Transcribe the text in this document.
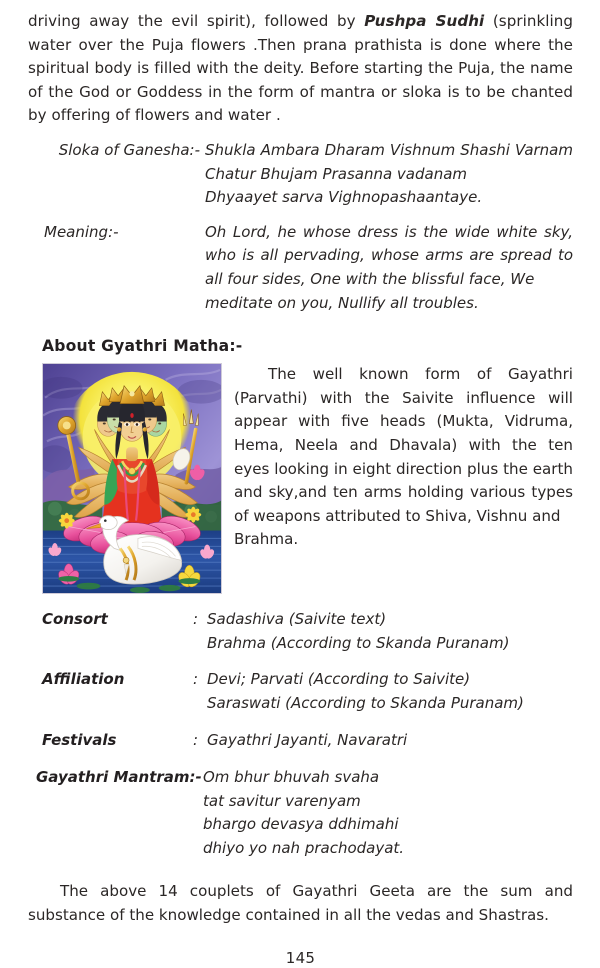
driving away the evil spirit), followed by Pushpa Sudhi (sprinkling water over the Puja flowers .Then prana prathista is done where the spiritual body is filled with the deity. Before starting the Puja, the name of the God or Goddess in the form of mantra or sloka is to be chanted by offering of flowers and water .

Sloka of Ganesha:- Shukla Ambara Dharam Vishnum Shashi Varnam Chatur Bhujam Prasanna vadanam
Dhyaayet sarva Vighnopashaantaye.
Meaning:-	Oh Lord, he whose dress is the wide white sky, who is all pervading, whose arms are spread to all four sides, One with the blissful face, We
meditate on you, Nullify all troubles.
About Gyathri Matha:-
The well known form of Gayathri (Parvathi) with the Saivite influence will appear with five heads (Mukta, Vidruma, Hema, Neela and Dhavala) with the ten eyes looking in eight direction plus the earth and sky,and ten arms holding various types of weapons attributed to Shiva, Vishnu and
Brahma.
Consort	: Sadashiva (Saivite text)
Brahma (According to Skanda Puranam)
Affiliation	: Devi; Parvati (According to Saivite)
Saraswati (According to Skanda Puranam)
Festivals	: Gayathri Jayanti, Navaratri
Gayathri Mantram:- Om bhur bhuvah svaha
tat savitur varenyam
bhargo devasya ddhimahi
dhiyo yo nah prachodayat.

The above 14 couplets of Gayathri Geeta are the sum and substance of the knowledge contained in all the vedas and Shastras.

145
